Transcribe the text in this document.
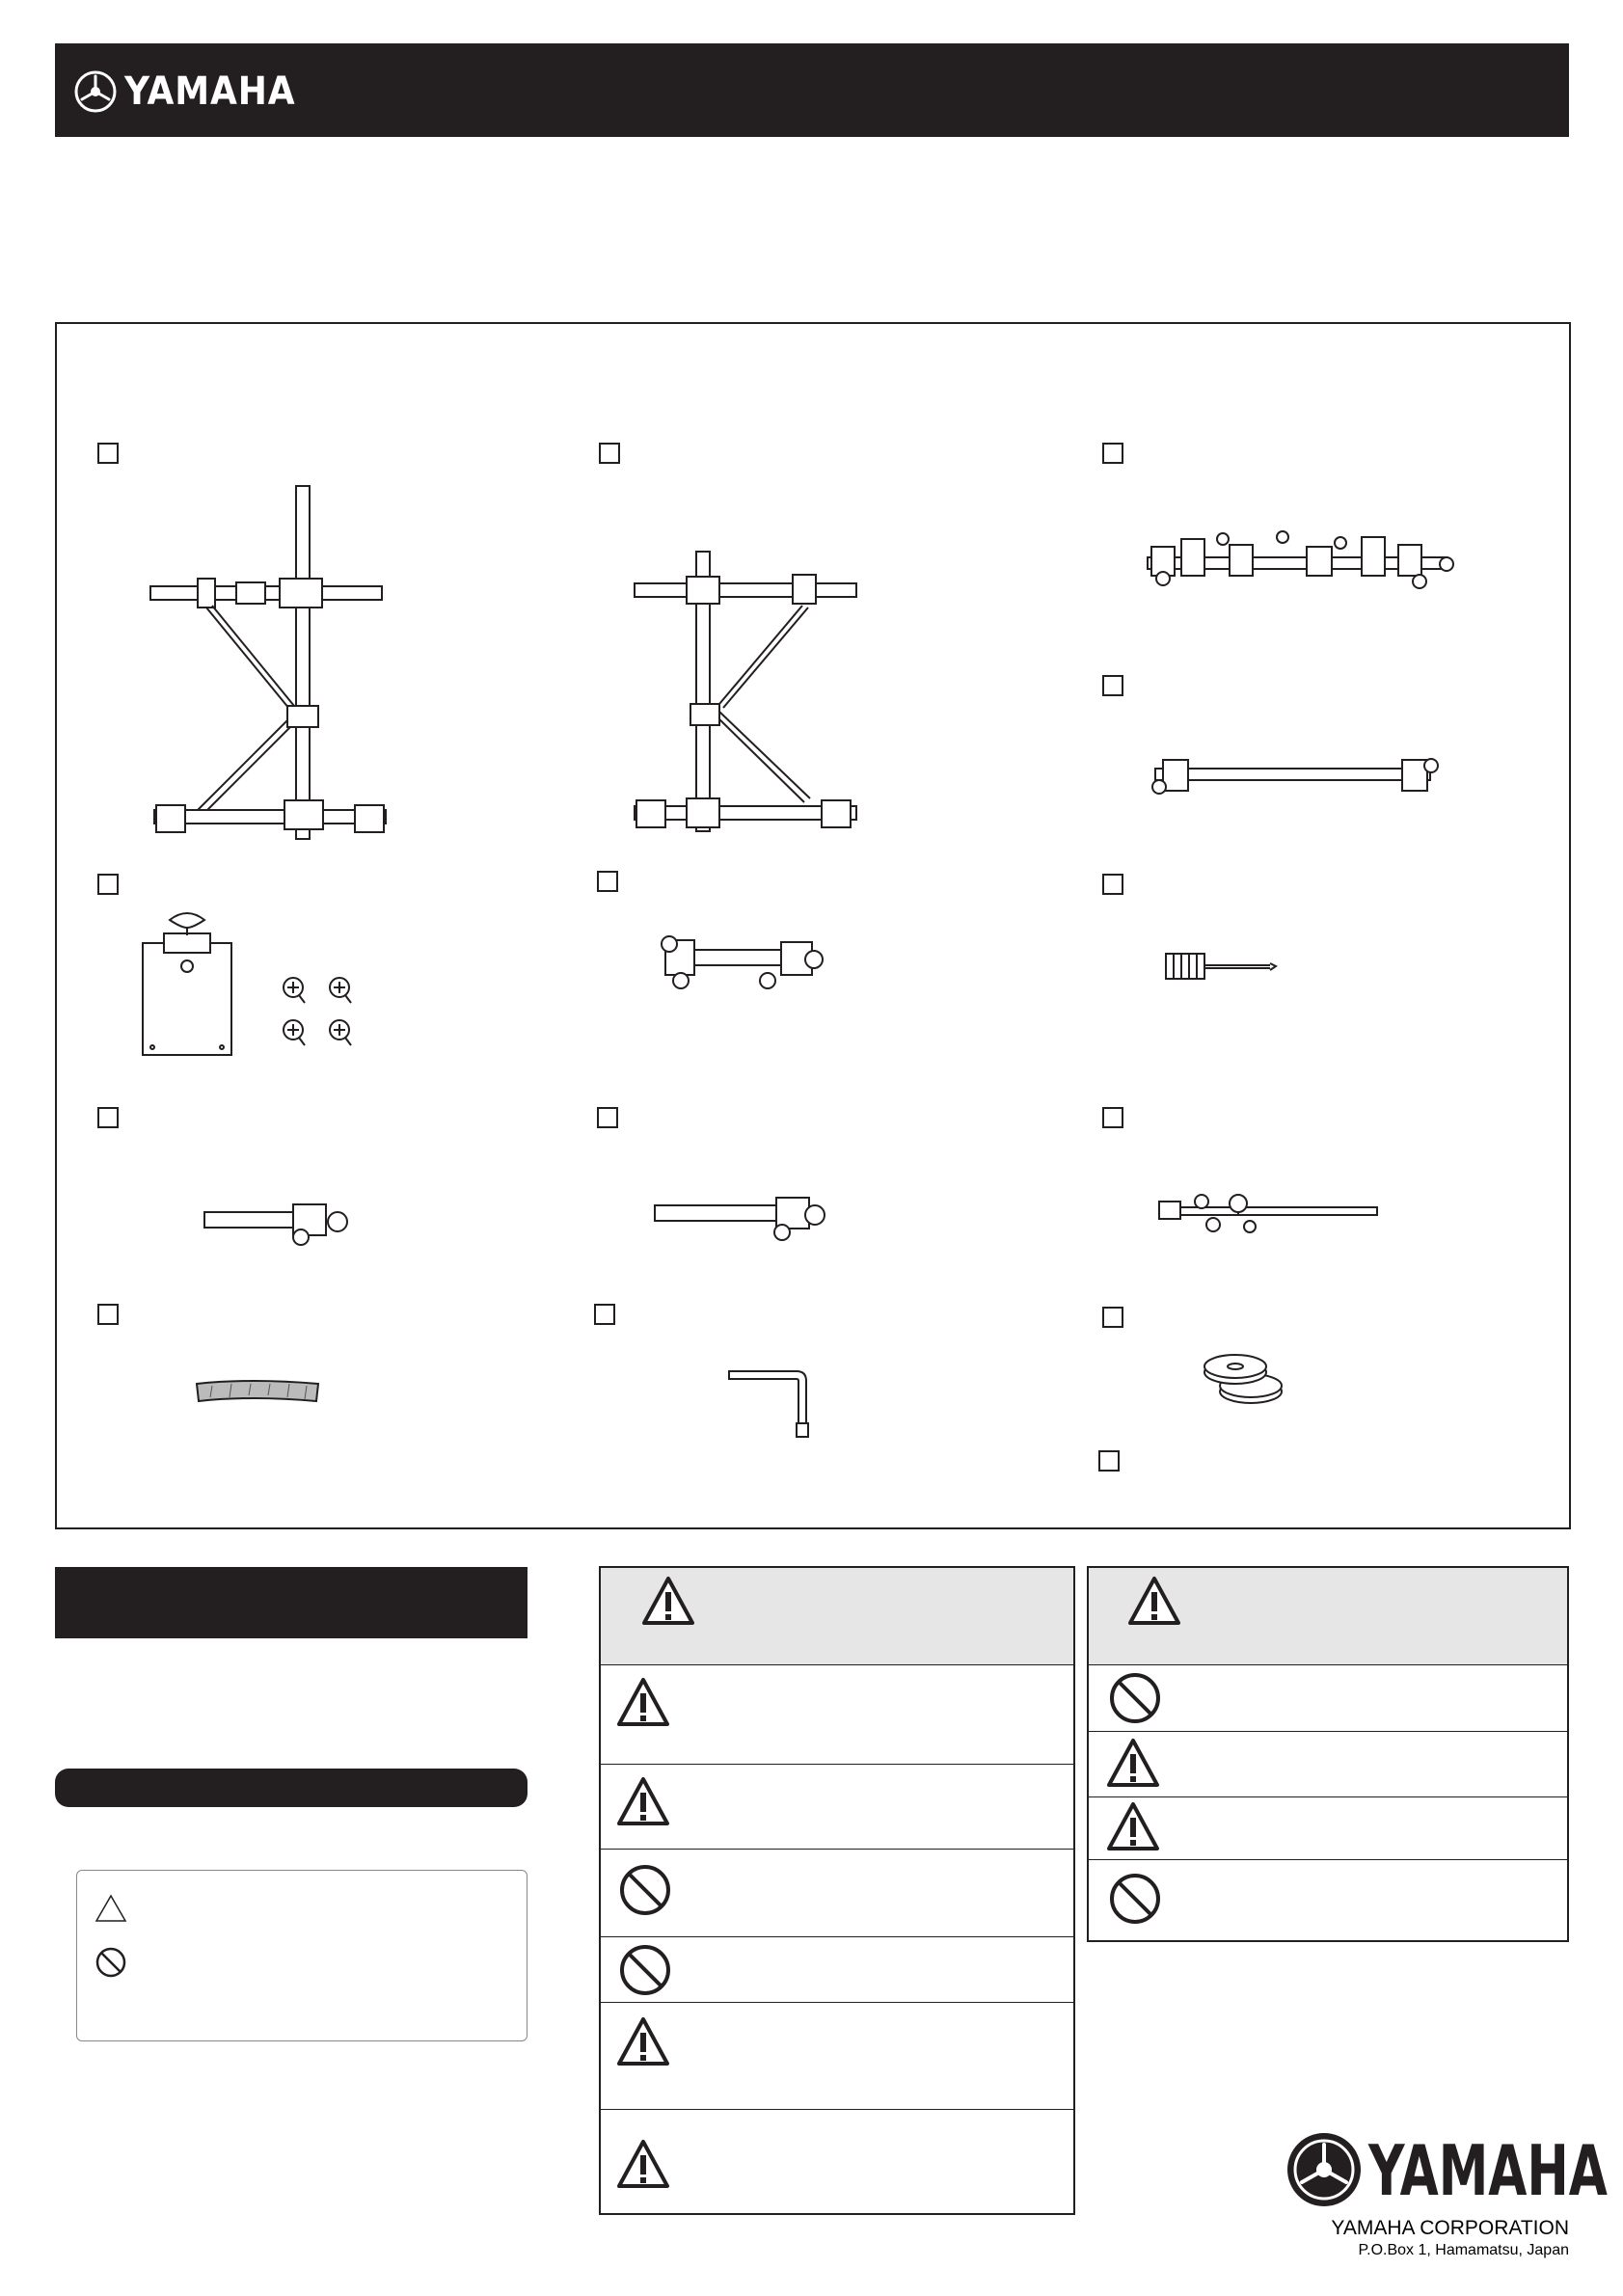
YAMAHA
YAMAHA
YAMAHA CORPORATION
P.O.Box 1, Hamamatsu, Japan
